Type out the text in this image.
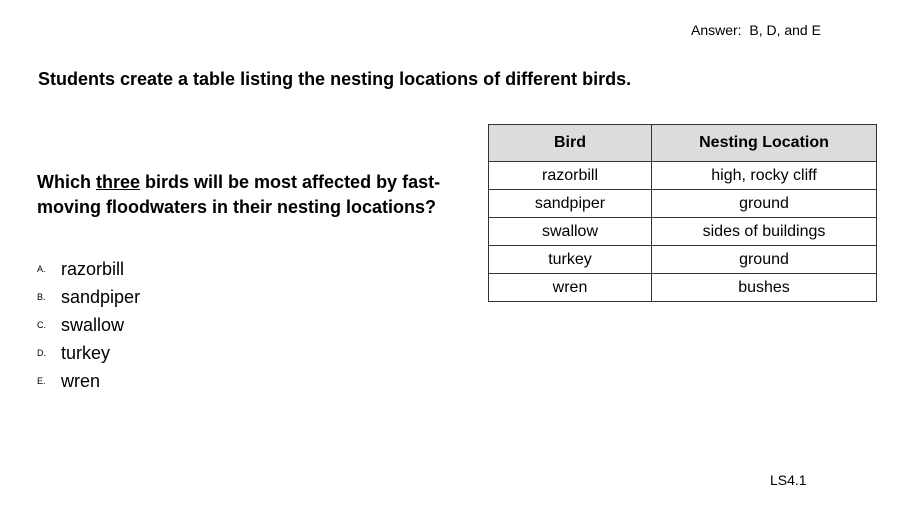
Answer:  B, D, and E
Students create a table listing the nesting locations of different birds.
Which three birds will be most affected by fast-moving floodwaters in their nesting locations?
A. razorbill
B. sandpiper
C. swallow
D. turkey
E. wren
Bird	Nesting Location
razorbill	high, rocky cliff
sandpiper	ground
swallow	sides of buildings
turkey	ground
wren	bushes
LS4.1
